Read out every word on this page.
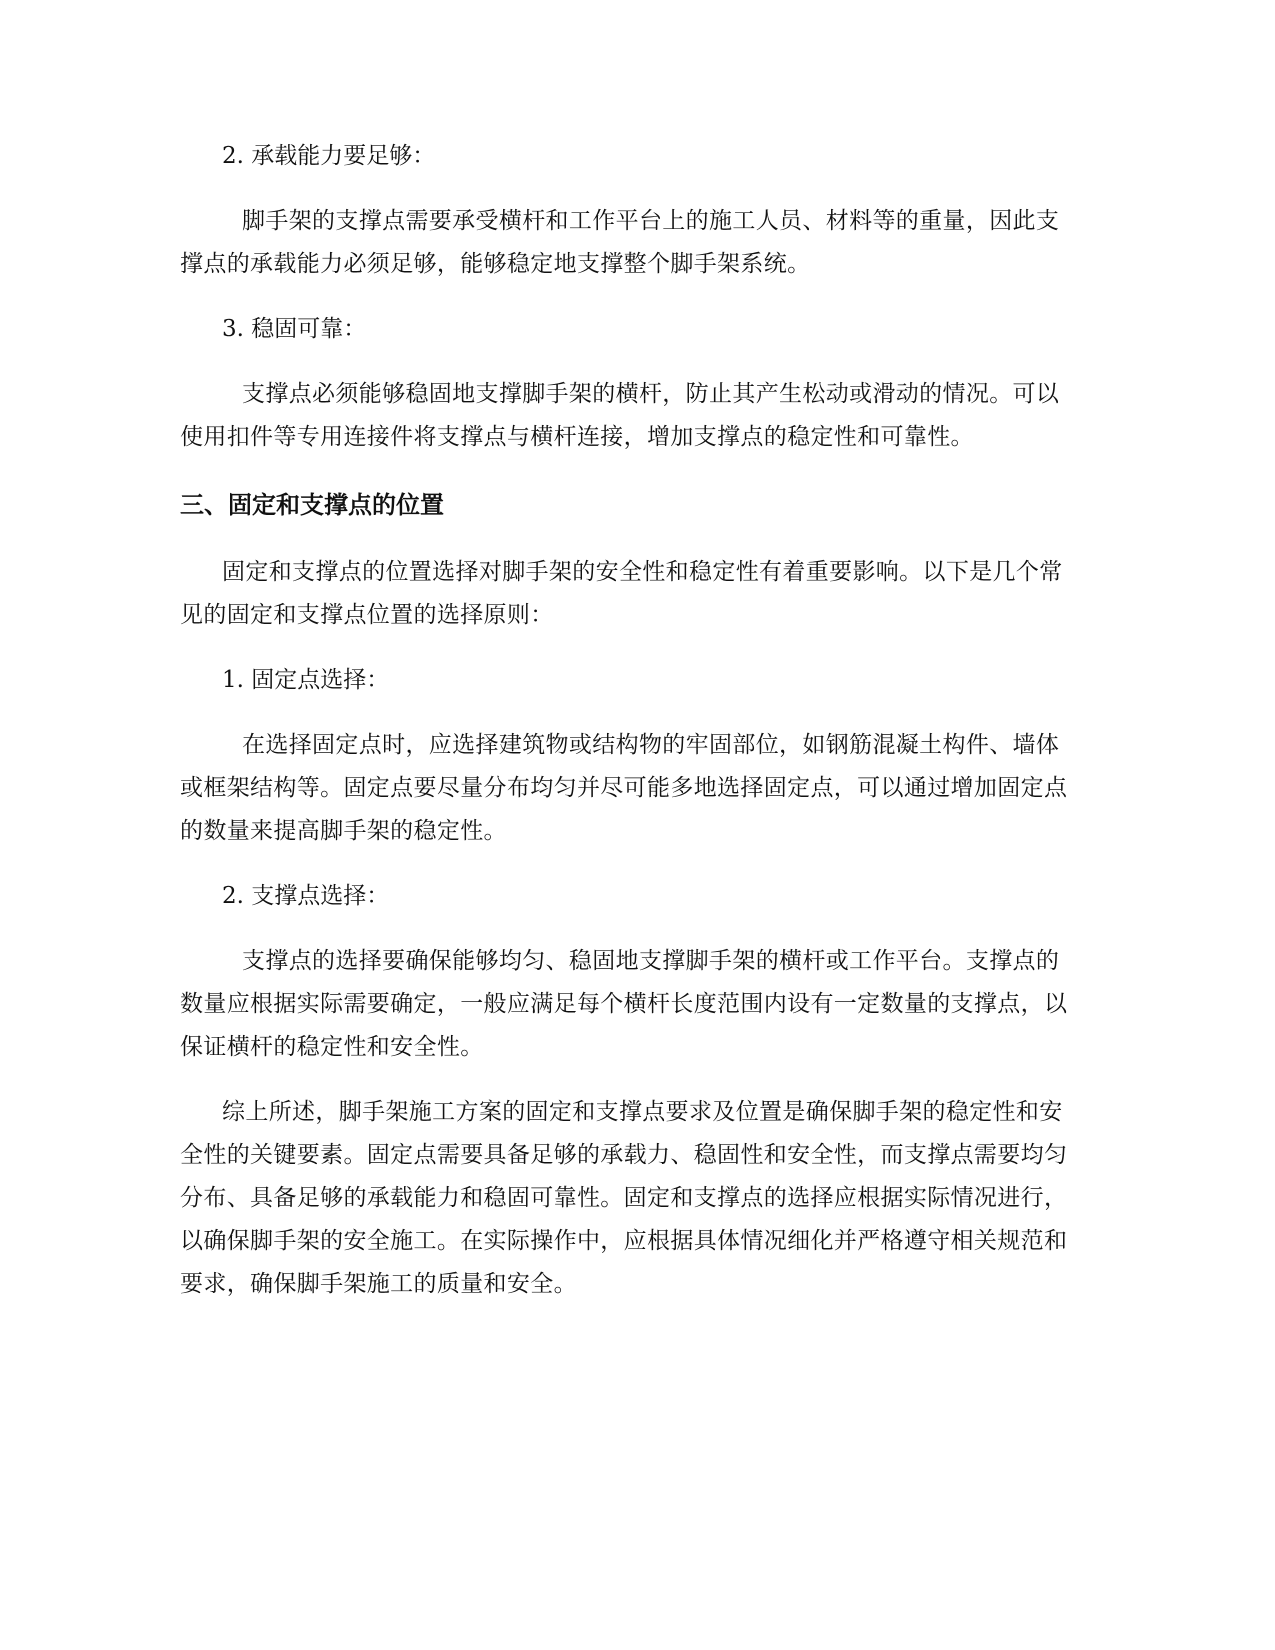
2. 承载能力要足够：

脚手架的支撑点需要承受横杆和工作平台上的施工人员、材料等的重量，因此支撑点的承载能力必须足够，能够稳定地支撑整个脚手架系统。

3. 稳固可靠：

支撑点必须能够稳固地支撑脚手架的横杆，防止其产生松动或滑动的情况。可以使用扣件等专用连接件将支撑点与横杆连接，增加支撑点的稳定性和可靠性。

三、固定和支撑点的位置

固定和支撑点的位置选择对脚手架的安全性和稳定性有着重要影响。以下是几个常见的固定和支撑点位置的选择原则：

1. 固定点选择：

在选择固定点时，应选择建筑物或结构物的牢固部位，如钢筋混凝土构件、墙体或框架结构等。固定点要尽量分布均匀并尽可能多地选择固定点，可以通过增加固定点的数量来提高脚手架的稳定性。

2. 支撑点选择：

支撑点的选择要确保能够均匀、稳固地支撑脚手架的横杆或工作平台。支撑点的数量应根据实际需要确定，一般应满足每个横杆长度范围内设有一定数量的支撑点，以保证横杆的稳定性和安全性。

综上所述，脚手架施工方案的固定和支撑点要求及位置是确保脚手架的稳定性和安全性的关键要素。固定点需要具备足够的承载力、稳固性和安全性，而支撑点需要均匀分布、具备足够的承载能力和稳固可靠性。固定和支撑点的选择应根据实际情况进行，以确保脚手架的安全施工。在实际操作中，应根据具体情况细化并严格遵守相关规范和要求，确保脚手架施工的质量和安全。
